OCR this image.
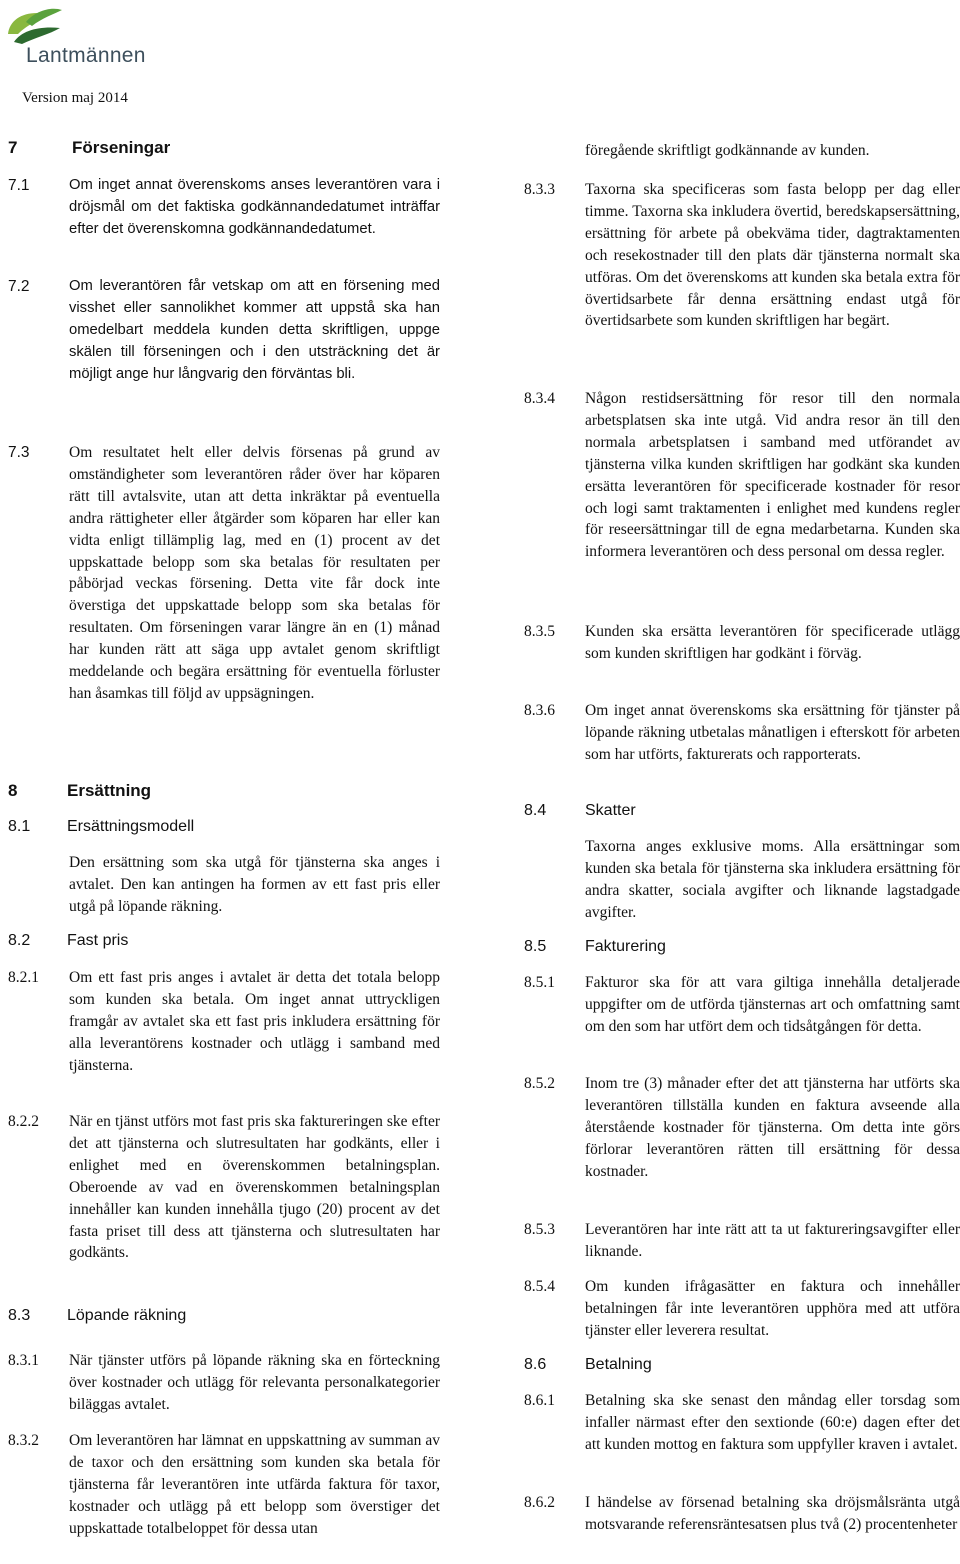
Lantmännen
Version maj 2014
7	Förseningar
7.1	Om inget annat överenskoms anses leverantören vara i dröjsmål om det faktiska godkännandedatumet inträffar efter det överenskomna godkännandedatumet.
7.2	Om leverantören får vetskap om att en försening med visshet eller sannolikhet kommer att uppstå ska han omedelbart meddela kunden detta skriftligen, uppge skälen till förseningen och i den utsträckning det är möjligt ange hur långvarig den förväntas bli.
7.3	Om resultatet helt eller delvis försenas på grund av omständigheter som leverantören råder över har köparen rätt till avtalsvite, utan att detta inkräktar på eventuella andra rättigheter eller åtgärder som köparen har eller kan vidta enligt tillämplig lag, med en (1) procent av det uppskattade belopp som ska betalas för resultaten per påbörjad veckas försening. Detta vite får dock inte överstiga det uppskattade belopp som ska betalas för resultaten. Om förseningen varar längre än en (1) månad har kunden rätt att säga upp avtalet genom skriftligt meddelande och begära ersättning för eventuella förluster han åsamkas till följd av uppsägningen.
8	Ersättning
8.1 Ersättningsmodell
Den ersättning som ska utgå för tjänsterna ska anges i avtalet. Den kan antingen ha formen av ett fast pris eller utgå på löpande räkning.
8.2 Fast pris
8.2.1 Om ett fast pris anges i avtalet är detta det totala belopp som kunden ska betala. Om inget annat uttryckligen framgår av avtalet ska ett fast pris inkludera ersättning för alla leverantörens kostnader och utlägg i samband med tjänsterna.
8.2.2 När en tjänst utförs mot fast pris ska faktureringen ske efter det att tjänsterna och slutresultaten har godkänts, eller i enlighet med en överenskommen betalningsplan. Oberoende av vad en överenskommen betalningsplan innehåller kan kunden innehålla tjugo (20) procent av det fasta priset till dess att tjänsterna och slutresultaten har godkänts.
8.3 Löpande räkning
8.3.1 När tjänster utförs på löpande räkning ska en förteckning över kostnader och utlägg för relevanta personalkategorier biläggas avtalet.
8.3.2 Om leverantören har lämnat en uppskattning av summan av de taxor och den ersättning som kunden ska betala för tjänsterna får leverantören inte utfärda faktura för taxor, kostnader och utlägg på ett belopp som överstiger det uppskattade totalbeloppet för dessa utan
föregående skriftligt godkännande av kunden.
8.3.3 Taxorna ska specificeras som fasta belopp per dag eller timme. Taxorna ska inkludera övertid, beredskapsersättning, ersättning för arbete på obekväma tider, dagtraktamenten och resekostnader till den plats där tjänsterna normalt ska utföras. Om det överenskoms att kunden ska betala extra för övertidsarbete får denna ersättning endast utgå för övertidsarbete som kunden skriftligen har begärt.
8.3.4 Någon restidsersättning för resor till den normala arbetsplatsen ska inte utgå. Vid andra resor än till den normala arbetsplatsen i samband med utförandet av tjänsterna vilka kunden skriftligen har godkänt ska kunden ersätta leverantören för specificerade kostnader för resor och logi samt traktamenten i enlighet med kundens regler för reseersättningar till de egna medarbetarna. Kunden ska informera leverantören och dess personal om dessa regler.
8.3.5 Kunden ska ersätta leverantören för specificerade utlägg som kunden skriftligen har godkänt i förväg.
8.3.6 Om inget annat överenskoms ska ersättning för tjänster på löpande räkning utbetalas månatligen i efterskott för arbeten som har utförts, fakturerats och rapporterats.
8.4 Skatter
Taxorna anges exklusive moms. Alla ersättningar som kunden ska betala för tjänsterna ska inkludera ersättning för andra skatter, sociala avgifter och liknande lagstadgade avgifter.
8.5 Fakturering
8.5.1 Fakturor ska för att vara giltiga innehålla detaljerade uppgifter om de utförda tjänsternas art och omfattning samt om den som har utfört dem och tidsåtgången för detta.
8.5.2 Inom tre (3) månader efter det att tjänsterna har utförts ska leverantören tillställa kunden en faktura avseende alla återstående kostnader för tjänsterna. Om detta inte görs förlorar leverantören rätten till ersättning för dessa kostnader.
8.5.3 Leverantören har inte rätt att ta ut faktureringsavgifter eller liknande.
8.5.4 Om kunden ifrågasätter en faktura och innehåller betalningen får inte leverantören upphöra med att utföra tjänster eller leverera resultat.
8.6 Betalning
8.6.1 Betalning ska ske senast den måndag eller torsdag som infaller närmast efter den sextionde (60:e) dagen efter det att kunden mottog en faktura som uppfyller kraven i avtalet.
8.6.2 I händelse av försenad betalning ska dröjsmålsränta utgå motsvarande referensräntesatsen plus två (2) procentenheter
